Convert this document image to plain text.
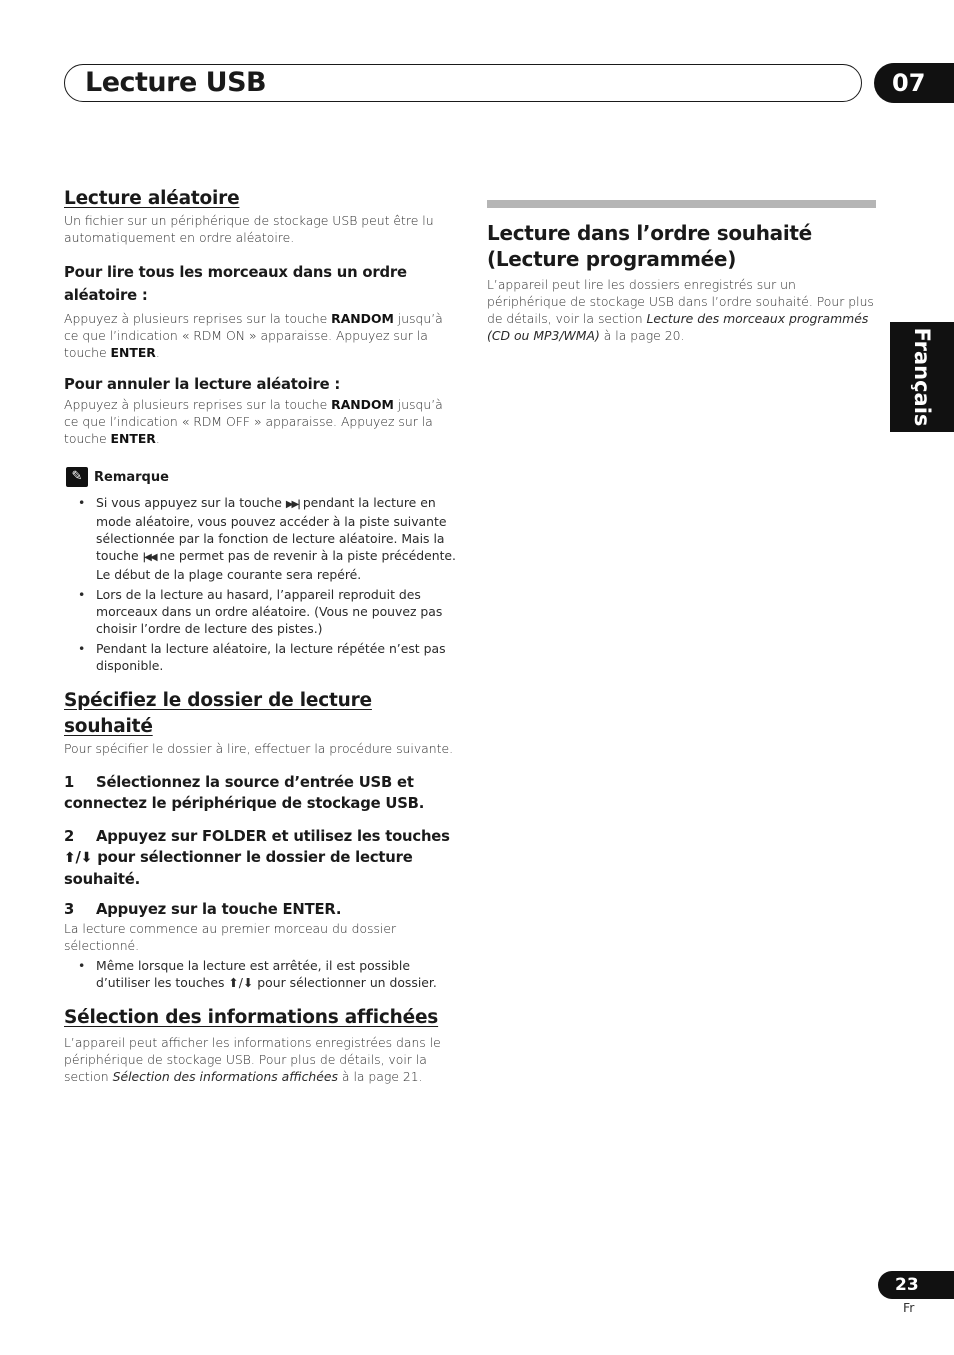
Lecture USB	07
Français
Lecture aléatoire

Un fichier sur un périphérique de stockage USB peut être lu automatiquement en ordre aléatoire.

Pour lire tous les morceaux dans un ordre aléatoire :

Appuyez à plusieurs reprises sur la touche RANDOM jusqu’à ce que l’indication « RDM ON » apparaisse. Appuyez sur la touche ENTER.

Pour annuler la lecture aléatoire :

Appuyez à plusieurs reprises sur la touche RANDOM jusqu’à ce que l’indication « RDM OFF » apparaisse. Appuyez sur la touche ENTER.

✎ Remarque
• Si vous appuyez sur la touche ▶▶| pendant la lecture en mode aléatoire, vous pouvez accéder à la piste suivante sélectionnée par la fonction de lecture aléatoire. Mais la touche |◀◀ ne permet pas de revenir à la piste précédente. Le début de la plage courante sera repéré.
• Lors de la lecture au hasard, l’appareil reproduit des morceaux dans un ordre aléatoire. (Vous ne pouvez pas choisir l’ordre de lecture des pistes.)
• Pendant la lecture aléatoire, la lecture répétée n’est pas disponible.
Spécifiez le dossier de lecture souhaité

Pour spécifier le dossier à lire, effectuer la procédure suivante.

1 Sélectionnez la source d’entrée USB et connectez le périphérique de stockage USB.

2 Appuyez sur FOLDER et utilisez les touches ⬆/⬇ pour sélectionner le dossier de lecture souhaité.

3 Appuyez sur la touche ENTER.

La lecture commence au premier morceau du dossier sélectionné.

• Même lorsque la lecture est arrêtée, il est possible d’utiliser les touches ⬆/⬇ pour sélectionner un dossier.
Sélection des informations affichées

L’appareil peut afficher les informations enregistrées dans le périphérique de stockage USB. Pour plus de détails, voir la section Sélection des informations affichées à la page 21.

Lecture dans l’ordre souhaité (Lecture programmée)

L’appareil peut lire les dossiers enregistrés sur un périphérique de stockage USB dans l’ordre souhaité. Pour plus de détails, voir la section Lecture des morceaux programmés (CD ou MP3/WMA) à la page 20.

23
Fr
